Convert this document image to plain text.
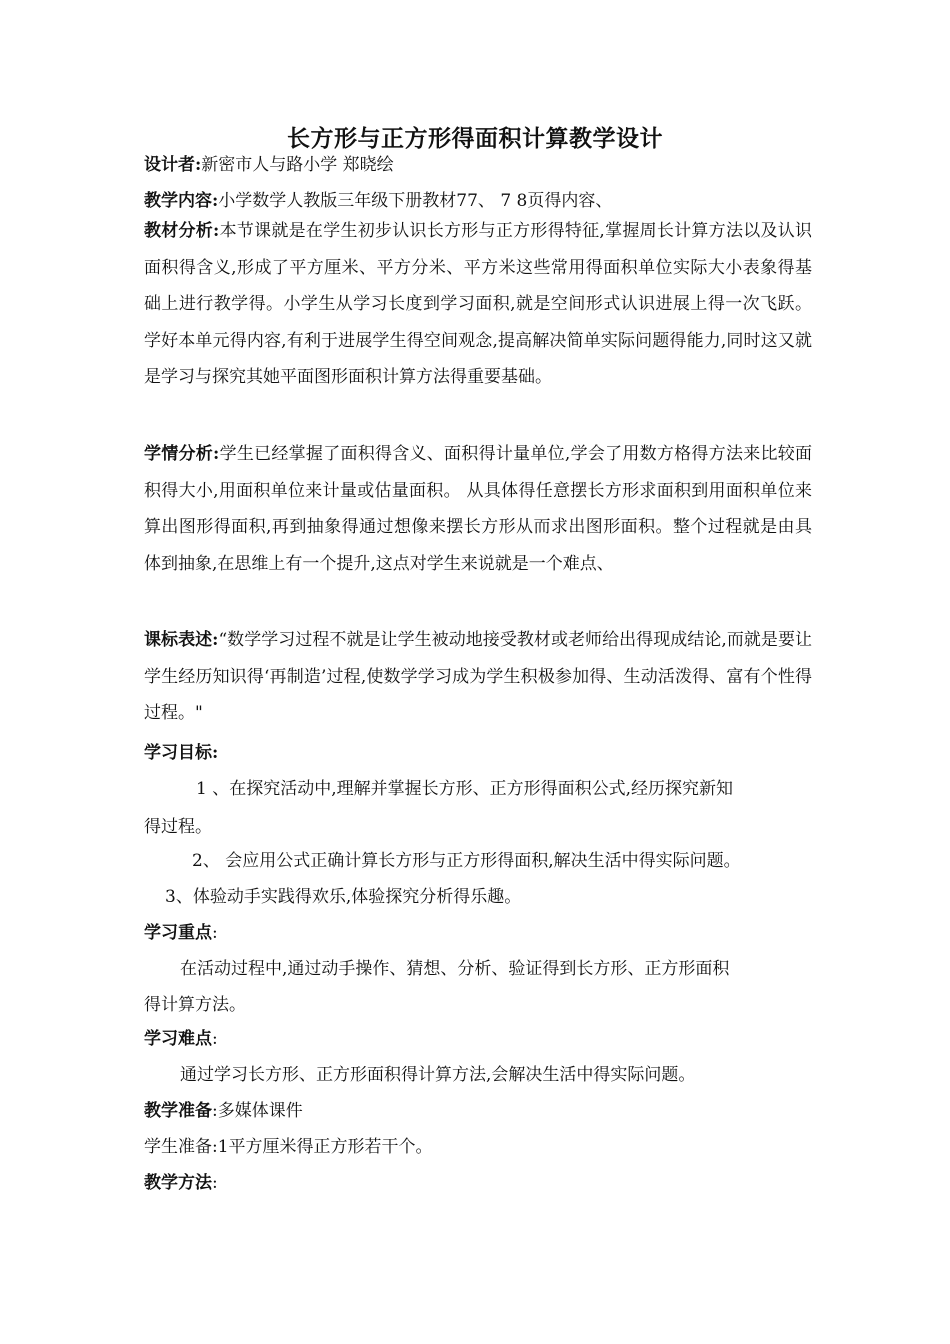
长方形与正方形得面积计算教学设计

设计者:新密市人与路小学 郑晓绘

教学内容:小学数学人教版三年级下册教材77、 7 8页得内容、

教材分析:本节课就是在学生初步认识长方形与正方形得特征,掌握周长计算方法以及认识面积得含义,形成了平方厘米、平方分米、平方米这些常用得面积单位实际大小表象得基础上进行教学得。小学生从学习长度到学习面积,就是空间形式认识进展上得一次飞跃。学好本单元得内容,有利于进展学生得空间观念,提高解决简单实际问题得能力,同时这又就是学习与探究其她平面图形面积计算方法得重要基础。

学情分析:学生已经掌握了面积得含义、面积得计量单位,学会了用数方格得方法来比较面积得大小,用面积单位来计量或估量面积。 从具体得任意摆长方形求面积到用面积单位来算出图形得面积,再到抽象得通过想像来摆长方形从而求出图形面积。整个过程就是由具体到抽象,在思维上有一个提升,这点对学生来说就是一个难点、

课标表述:“数学学习过程不就是让学生被动地接受教材或老师给出得现成结论,而就是要让学生经历知识得‘再制造’过程,使数学学习成为学生积极参加得、生动活泼得、富有个性得过程。"

学习目标:

1 、在探究活动中,理解并掌握长方形、正方形得面积公式,经历探究新知

得过程。

2、 会应用公式正确计算长方形与正方形得面积,解决生活中得实际问题。

3、体验动手实践得欢乐,体验探究分析得乐趣。

学习重点:

在活动过程中,通过动手操作、猜想、分析、验证得到长方形、正方形面积

得计算方法。

学习难点:

通过学习长方形、正方形面积得计算方法,会解决生活中得实际问题。

教学准备:多媒体课件

学生准备:1平方厘米得正方形若干个。

教学方法:
